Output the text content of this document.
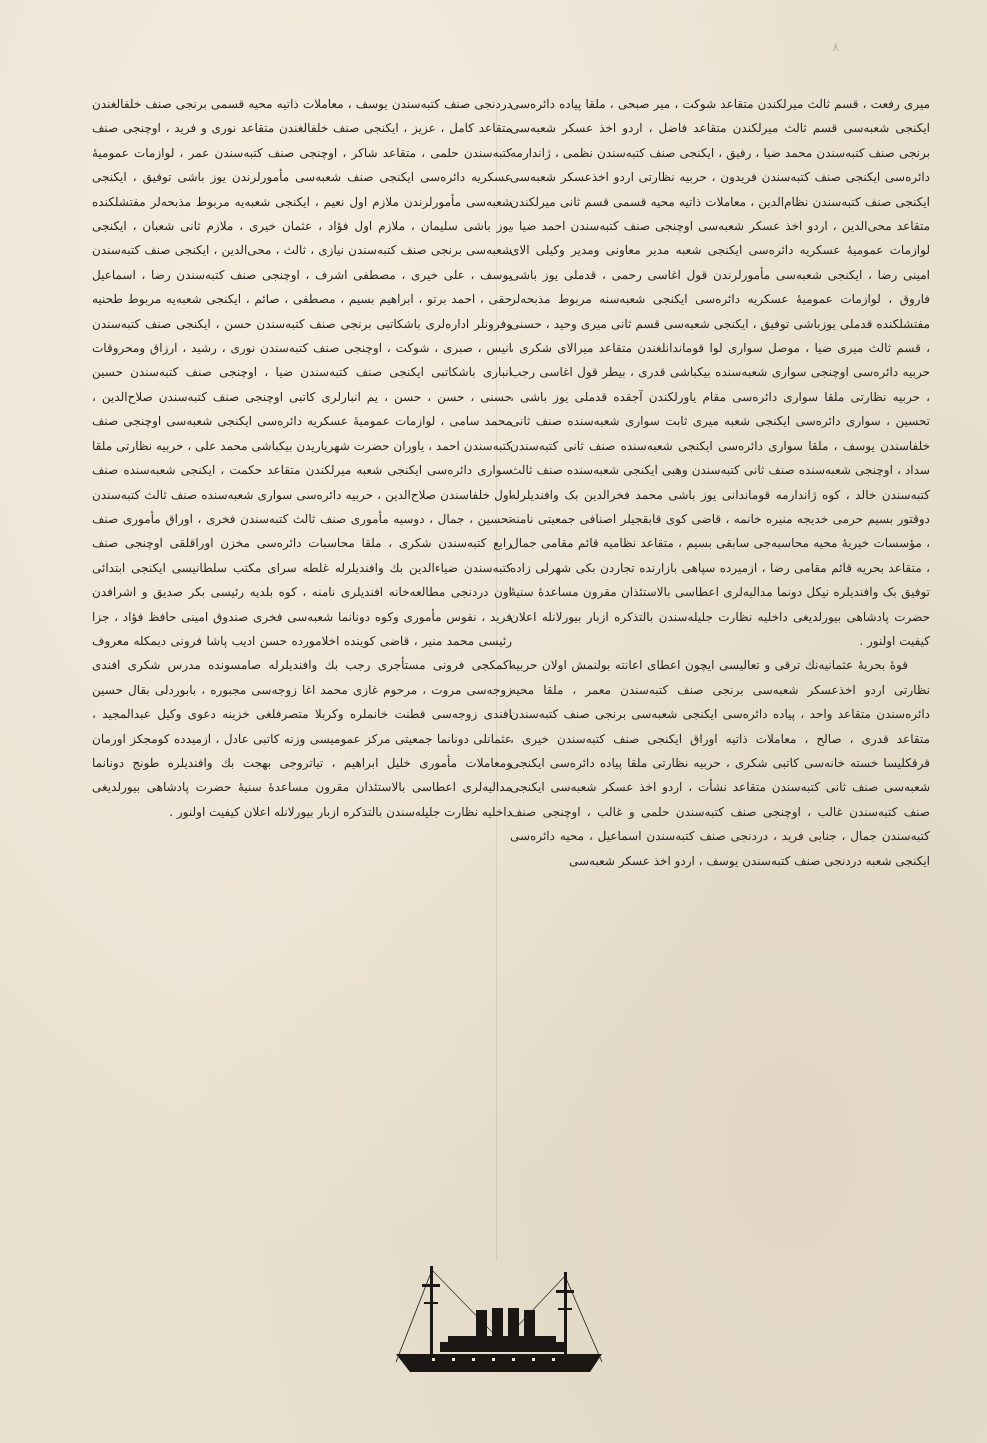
٨

میری رفعت ، قسم ثالث میرلکندن متقاعد شوکت ، میر صبحی ، ملقا پیاده دائره‌سی ایکنجی شعبه‌سی قسم ثالث میرلکندن متقاعد فاضل ، اردو اخذ عسکر شعبه‌سی برنجی صنف کتبه‌سندن محمد ضیا ، رفیق ، ایکنجی صنف کتبه‌سندن نظمی ، ژاندارمه دائره‌سی ایکنجی صنف کتبه‌سندن فریدون ، حربیه نظارتی اردو اخذعسکر شعبه‌سی ایکنجی صنف کتبه‌سندن نظام‌الدین ، معاملات ذاتیه محیه قسمی قسم ثانی میرلکندن متقاعد محی‌الدین ، اردو اخذ عسکر شعبه‌سی اوچنجی صنف کتبه‌سندن احمد ضیا ، لوازمات عمومیهٔ عسکریه دائره‌سی ایکنجی شعبه مدیر معاونی ومدیر وکیلی الای امینی رضا ، ایکنجی شعبه‌سی مأمورلرندن قول اغاسی رحمی ، قدملی یوز باشی فاروق ، لوازمات عمومیهٔ عسکریه دائره‌سی ایکنجی شعبه‌سنه مربوط مذبحه‌لر مفتشلکنده قدملی یوزباشی توفیق ، ایکنجی شعبه‌سی قسم ثانی میری وحید ، حسنی ، قسم ثالث میری ضیا ، موصل سواری لوا قوماندانلغندن متقاعد میرالای شکری ، حربیه دائره‌سی اوچنجی سواری شعبه‌سنده بیکباشی قدری ، بیطر قول اغاسی رجب ، حربیه نظارتی ملقا سواری دائره‌سی مقام یاورلکندن آجقده قدملی یوز باشی ، تحسین ، سواری دائره‌سی ایکنجی شعبه میری ثابت سواری شعبه‌سنده صنف ثانی خلفاسندن یوسف ، ملقا سواری دائره‌سی ایکنجی شعبه‌سنده صنف ثانی کتبه‌سندن سداد ، اوچنجی شعبه‌سنده صنف ثانی کتبه‌سندن وهبی ایکنجی شعبه‌سنده صنف ثالث کتبه‌سندن خالد ، کوه ژاندارمه قوماندانی یوز باشی محمد فخرالدین بک وافندیلرله دوقتور بسیم حرمی خدیجه منیره خانمه ، قاضی کوی قابقجیلر اصنافی جمعیتی نامنه ، مؤسسات خیریهٔ محیه محاسبه‌جی سابقی بسیم ، متقاعد نظامیه قائم مقامی جمال ، متقاعد بحریه قائم مقامی رضا ، ازمیرده سپاهی بازارنده تجاردن بکی شهرلی زاده توفیق بک وافندیلره نیکل دونما مدالیه‌لری اعطاسی بالاستئذان مقرون مساعدهٔ سنیهٔ حضرت پادشاهی بیورلدیغی داخلیه نظارت جلیله‌سندن بالتذکره ازبار بیورلانله اعلان کیفیت اولنور .

قوهٔ بحریهٔ عثمانیه‌نك ترقی و تعالیسی ایچون اعطای اعانته بولنمش اولان حربیه نظارتی اردو اخذعسکر شعبه‌سی برنجی صنف کتبه‌سندن معمر ، ملقا محیه دائره‌سندن متقاعد واحد ، پیاده دائره‌سی ایکنجی شعبه‌سی برنجی صنف کتبه‌سندن متقاعد قدری ، صالح ، معاملات ذاتیه اوراق ایکنجی صنف کتبه‌سندن خیری ، قرقکلیسا خسته خانه‌سی کاتبی شکری ، حربیه نظارتی ملقا پیاده دائره‌سی ایکنجی شعبه‌سی صنف ثانی کتبه‌سندن متقاعد نشأت ، اردو اخذ عسکر شعبه‌سی ایکنجی صنف کتبه‌سندن غالب ، اوچنجی صنف کتبه‌سندن حلمی و غالب ، اوچنجی صنف کتبه‌سندن جمال ، جنابی فرید ، دردنجی صنف کتبه‌سندن اسماعیل ، محیه دائره‌سی ایکنجی شعبه دردنجی صنف کتبه‌سندن یوسف ، اردو اخذ عسکر شعبه‌سی

دردنجی صنف کتبه‌سندن یوسف ، معاملات ذاتیه محیه قسمی برنجی صنف خلفالغندن متقاعد کامل ، عزیز ، ایکنجی صنف خلفالغندن متقاعد نوری و فرید ، اوچنجی صنف کتبه‌سندن حلمی ، متقاعد شاکر ، اوچنجی صنف کتبه‌سندن عمر ، لوازمات عمومیهٔ عسکریه دائره‌سی ایکنجی صنف شعبه‌سی مأمورلرندن یوز باشی توفیق ، ایکنجی شعبه‌سی مأمورلرندن ملازم اول نعیم ، ایکنجی شعبه‌یه مربوط مذبحه‌لر مفتشلکنده یوز باشی سلیمان ، ملازم اول فؤاد ، عثمان خیری ، ملازم ثانی شعبان ، ایکنجی شعبه‌سی برنجی صنف کتبه‌سندن نیازی ، ثالث ، محی‌الدین ، ایکنجی صنف کتبه‌سندن یوسف ، علی خیری ، مصطفی اشرف ، اوچنجی صنف کتبه‌سندن رضا ، اسماعیل حقی ، احمد برتو ، ابراهیم بسیم ، مصطفی ، صائم ، ایکنجی شعبه‌یه مربوط طحنیه وفرونلر اداره‌لری باشکاتبی برنجی صنف کتبه‌سندن حسن ، ایکنجی صنف کتبه‌سندن انیس ، صبری ، شوکت ، اوچنجی صنف کتبه‌سندن نوری ، رشید ، ارزاق ومحروقات انباری باشکاتبی ایکنجی صنف کتبه‌سندن ضیا ، اوچنجی صنف کتبه‌سندن حسین حسنی ، حسن ، حسن ، یم انبارلری کاتبی اوچنجی صنف کتبه‌سندن صلاح‌الدین ، محمد سامی ، لوازمات عمومیهٔ عسکریه دائره‌سی ایکنجی شعبه‌سی اوچنجی صنف کتبه‌سندن احمد ، یاوران حضرت شهریاریدن بیکباشی محمد علی ، حربیه نظارتی ملقا سواری دائره‌سی ایکنجی شعبه میرلکندن متقاعد حکمت ، ایکنجی شعبه‌سنده صنف اول خلفاسندن صلاح‌الدین ، حربیه دائره‌سی سواری شعبه‌سنده صنف ثالث کتبه‌سندن تحسین ، جمال ، دوسیه مأموری صنف ثالث کتبه‌سندن فخری ، اوراق مأموری صنف رابع کتبه‌سندن شکری ، ملقا محاسبات دائره‌سی مخزن اوراقلقی اوچنجی صنف کتبه‌سندن ضیاءالدین بك وافندیلرله غلطه سرای مکتب سلطانیسی ایکنجی ابتدائی اون دردنجی مطالعه‌خانه افندیلری نامنه ، کوه بلدیه رئیسی بکر صدیق و اشرافدن فرید ، نفوس مأموری وکوه دونانما شعبه‌سی فخری صندوق امینی حافظ فؤاد ، جزا رئیسی محمد منیر ، قاضی کوینده اخلامورده حسن ادیب پاشا فرونی دیمکله معروف اکمکجی فرونی مستأجری رجب بك وافندیلرله صامسونده مدرس شکری افندی زوجه‌سی مروت ، مرحوم غازی محمد اغا زوجه‌سی مجبوره ، بابوردلی بقال حسین افندی زوجه‌سی فطنت خانملره وکربلا متصرفلغی خزینه دعوی وکیل عبدالمجید ، عثمانلی دونانما جمعیتی مرکز عمومیسی وزنه کاتبی عادل ، ازمیدده کومجکز اورمان ومعاملات مأموری خلیل ابراهیم ، تیاتروجی بهجت بك وافندیلره طونج دونانما مدالیه‌لری اعطاسی بالاستئذان مقرون مساعدهٔ سنیهٔ حضرت پادشاهی بیورلدیغی داخلیه نظارت جلیله‌سندن بالتذکره ازبار بیورلانله اعلان کیفیت اولنور .
